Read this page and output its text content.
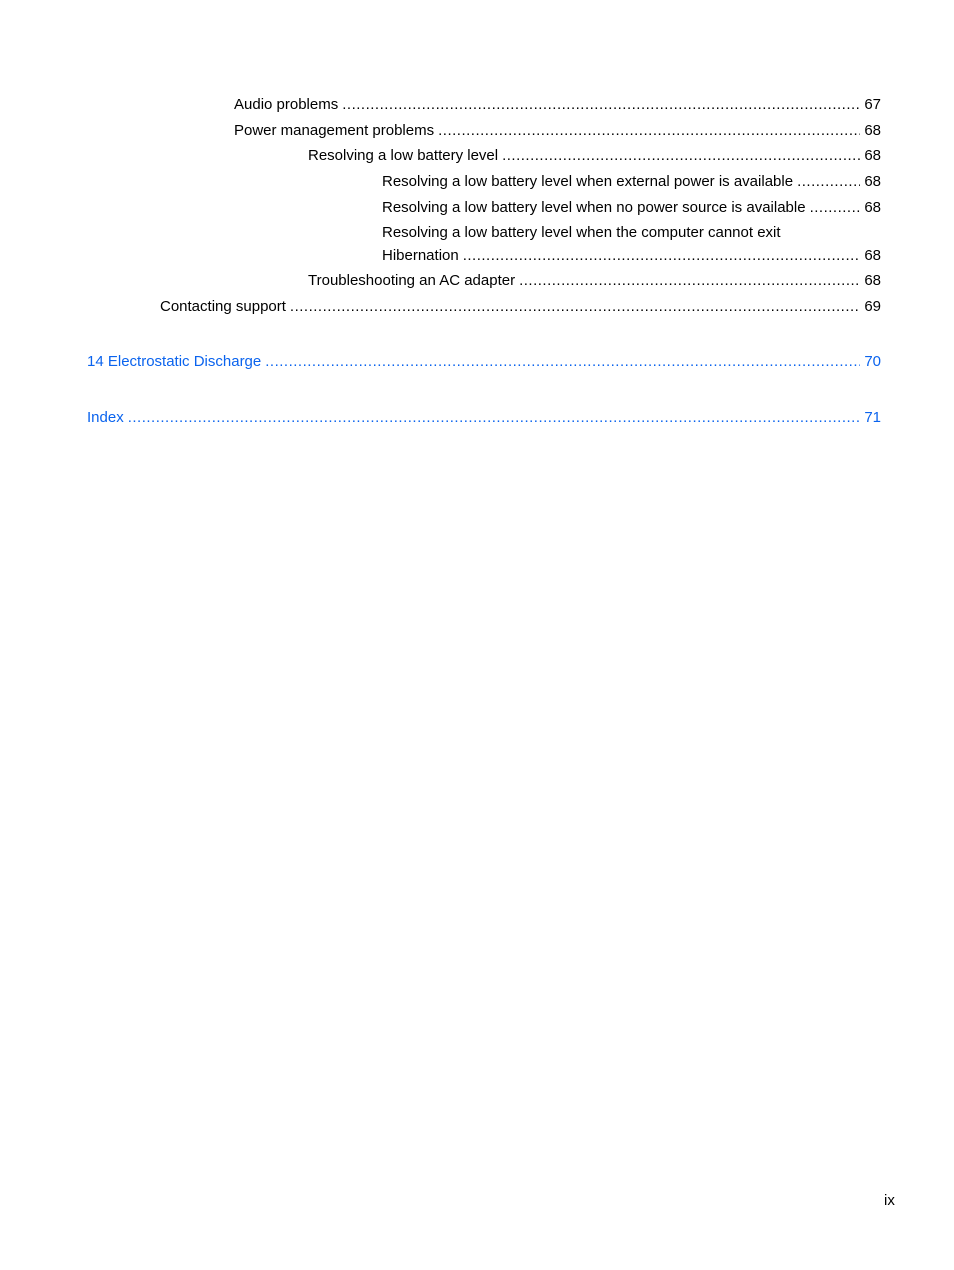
Audio problems .....	67
Power management problems .....	68
Resolving a low battery level .....	68
Resolving a low battery level when external power is available .....	68
Resolving a low battery level when no power source is available .....	68
Resolving a low battery level when the computer cannot exit
Hibernation .....	68
Troubleshooting an AC adapter .....	68
Contacting support .....	69
14 Electrostatic Discharge .....	70
Index .....	71
ix
